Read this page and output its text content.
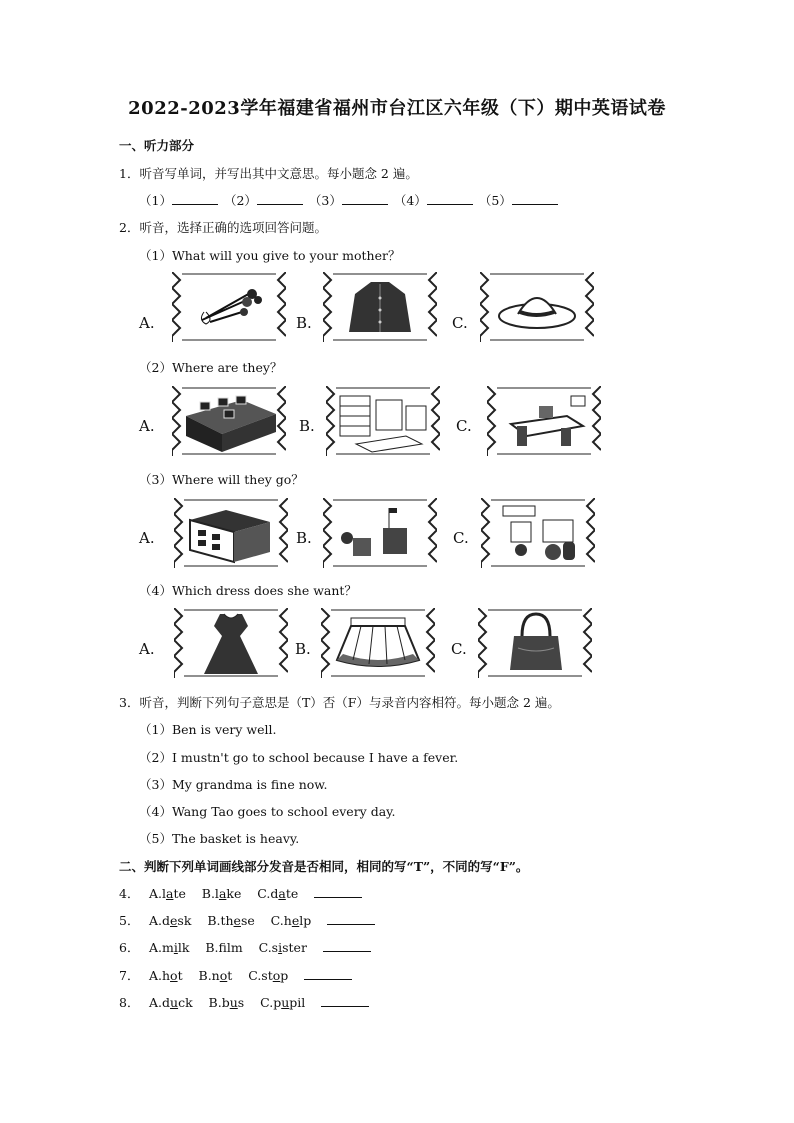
2022-2023学年福建省福州市台江区六年级（下）期中英语试卷
一、听力部分
1．听音写单词，并写出其中文意思。每小题念 2 遍。
（1）	（2）	（3）	（4）	（5）
2．听音，选择正确的选项回答问题。
（1）What will you give to your mother？
A.	B.	C.
（2）Where are they？
A.	B.	C.
（3）Where will they go？
A.	B.	C.
（4）Which dress does she want？
A.	B.	C.
3．听音，判断下列句子意思是（T）否（F）与录音内容相符。每小题念 2 遍。
（1）Ben is very well.
（2）I mustn't go to school because I have a fever.
（3）My grandma is fine now.
（4）Wang Tao goes to school every day.
（5）The basket is heavy.
二、判断下列单词画线部分发音是否相同，相同的写“T”，不同的写“F”。
4． A.late B.lake C.date
5． A.desk B.these C.help
6． A.milk B.flm C.sister
7． A.hot B.not C.stop
8． A.duck B.bus C.pupil
